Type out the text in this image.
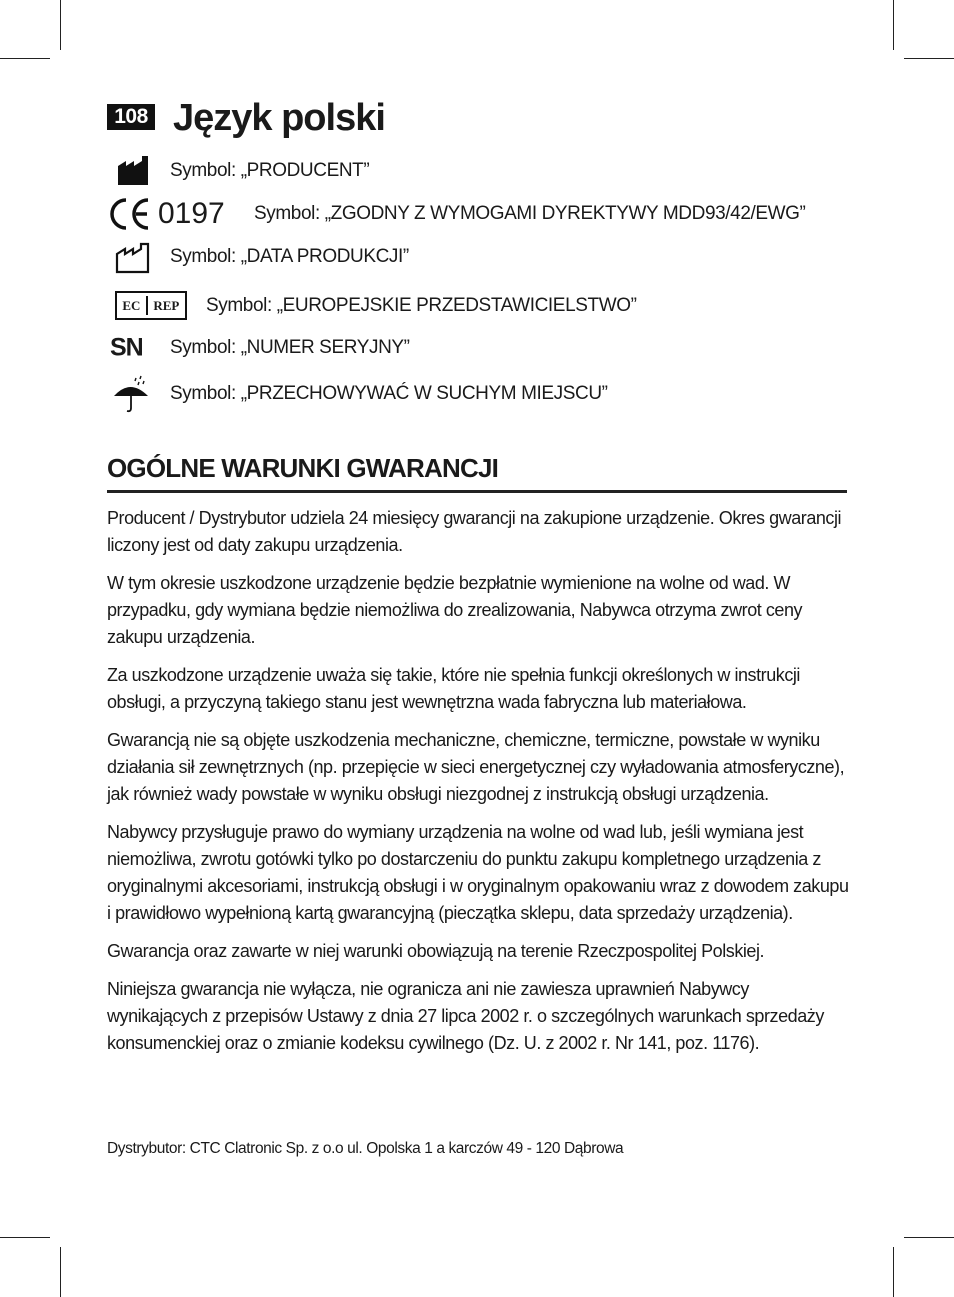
108 Język polski
Symbol: „PRODUCENT”
0197 Symbol: „ZGODNY Z WYMOGAMI DYREKTYWY MDD93/42/EWG”
Symbol: „DATA PRODUKCJI”
EC REP Symbol: „EUROPEJSKIE PRZEDSTAWICIELSTWO”
SN Symbol: „NUMER SERYJNY”
Symbol: „PRZECHOWYWAĆ W SUCHYM MIEJSCU”
OGÓLNE WARUNKI GWARANCJI

Producent / Dystrybutor udziela 24 miesięcy gwarancji na zakupione urządzenie. Okres gwarancji liczony jest od daty zakupu urządzenia.

W tym okresie uszkodzone urządzenie będzie bezpłatnie wymienione na wolne od wad. W przypadku, gdy wymiana będzie niemożliwa do zrealizowania, Nabywca otrzyma zwrot ceny zakupu urządzenia.

Za uszkodzone urządzenie uważa się takie, które nie spełnia funkcji określonych w instrukcji obsługi, a przyczyną takiego stanu jest wewnętrzna wada fabryczna lub materiałowa.

Gwarancją nie są objęte uszkodzenia mechaniczne, chemiczne, termiczne, powstałe w wyniku działania sił zewnętrznych (np. przepięcie w sieci energetycznej czy wyładowania atmosferyczne), jak również wady powstałe w wyniku obsługi niezgodnej z instrukcją obsługi urządzenia.

Nabywcy przysługuje prawo do wymiany urządzenia na wolne od wad lub, jeśli wymiana jest niemożliwa, zwrotu gotówki tylko po dostarczeniu do punktu zakupu kompletnego urządzenia z oryginalnymi akcesoriami, instrukcją obsługi i w oryginalnym opakowaniu wraz z dowodem zakupu i prawidłowo wypełnioną kartą gwarancyjną (pieczątka sklepu, data sprzedaży urządzenia).

Gwarancja oraz zawarte w niej warunki obowiązują na terenie Rzeczpospolitej Polskiej.

Niniejsza gwarancja nie wyłącza, nie ogranicza ani nie zawiesza uprawnień Nabywcy wynikających z przepisów Ustawy z dnia 27 lipca 2002 r. o szczególnych warunkach sprzedaży konsumenckiej oraz o zmianie kodeksu cywilnego (Dz. U. z 2002 r. Nr 141, poz. 1176).

Dystrybutor: CTC Clatronic Sp. z o.o ul. Opolska 1 a karczów 49 - 120 Dąbrowa
